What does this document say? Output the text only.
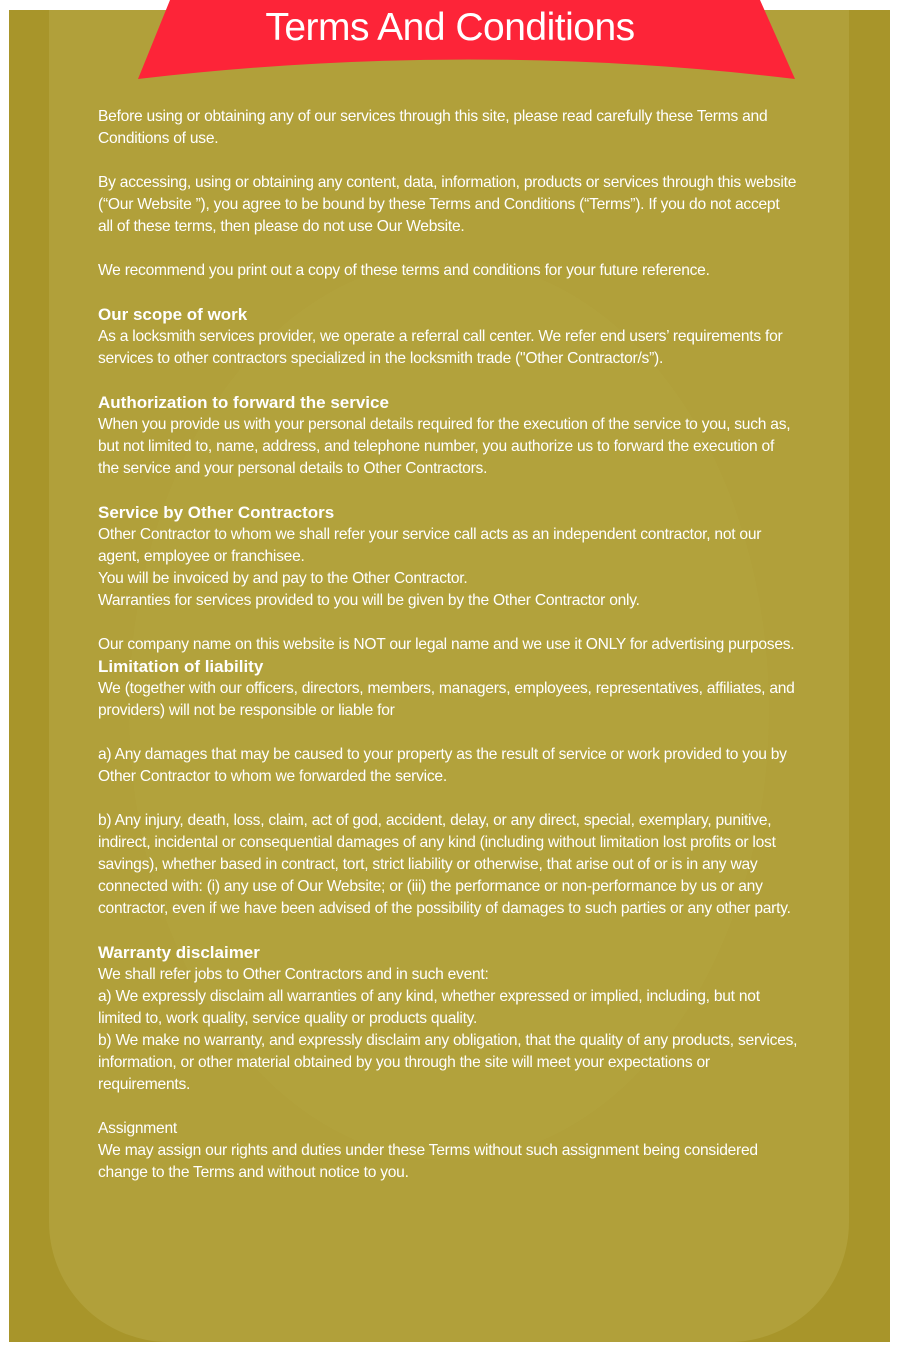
Terms And Conditions

Before using or obtaining any of our services through this site, please read carefully these Terms and Conditions of use.

By accessing, using or obtaining any content, data, information, products or services through this website (“Our Website ”), you agree to be bound by these Terms and Conditions (“Terms”). If you do not accept all of these terms, then please do not use Our Website.

We recommend you print out a copy of these terms and conditions for your future reference.

Our scope of work

As a locksmith services provider, we operate a referral call center. We refer end users’ requirements for services to other contractors specialized in the locksmith trade ("Other Contractor/s”).

Authorization to forward the service

When you provide us with your personal details required for the execution of the service to you, such as, but not limited to, name, address, and telephone number, you authorize us to forward the execution of the service and your personal details to Other Contractors.

Service by Other Contractors

Other Contractor to whom we shall refer your service call acts as an independent contractor, not our agent, employee or franchisee.

You will be invoiced by and pay to the Other Contractor.

Warranties for services provided to you will be given by the Other Contractor only.

Our company name on this website is NOT our legal name and we use it ONLY for advertising purposes.

Limitation of liability

We (together with our officers, directors, members, managers, employees, representatives, affiliates, and providers) will not be responsible or liable for

a) Any damages that may be caused to your property as the result of service or work provided to you by Other Contractor to whom we forwarded the service.

b) Any injury, death, loss, claim, act of god, accident, delay, or any direct, special, exemplary, punitive, indirect, incidental or consequential damages of any kind (including without limitation lost profits or lost savings), whether based in contract, tort, strict liability or otherwise, that arise out of or is in any way connected with: (i) any use of Our Website; or (iii) the performance or non-performance by us or any contractor, even if we have been advised of the possibility of damages to such parties or any other party.

Warranty disclaimer

We shall refer jobs to Other Contractors and in such event:

a) We expressly disclaim all warranties of any kind, whether expressed or implied, including, but not limited to, work quality, service quality or products quality.

b) We make no warranty, and expressly disclaim any obligation, that the quality of any products, services, information, or other material obtained by you through the site will meet your expectations or requirements.

Assignment

We may assign our rights and duties under these Terms without such assignment being considered change to the Terms and without notice to you.
